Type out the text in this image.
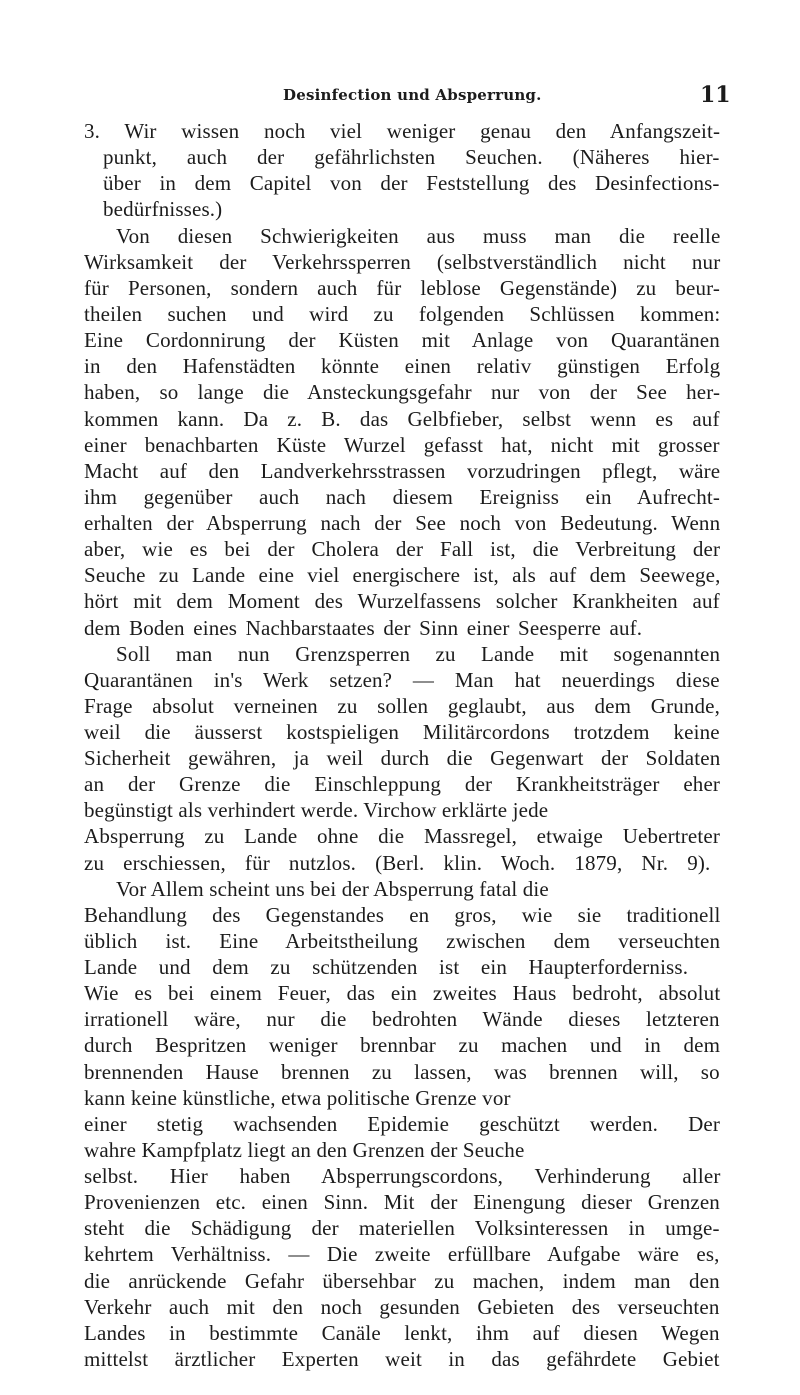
Desinfection und Absperrung.	11
3. Wir wissen noch viel weniger genau den Anfangszeit-
punkt, auch der gefährlichsten Seuchen. (Näheres hier-
über in dem Capitel von der Feststellung des Desinfections-
bedürfnisses.)
Von diesen Schwierigkeiten aus muss man die reelle
Wirksamkeit der Verkehrssperren (selbstverständlich nicht nur
für Personen, sondern auch für leblose Gegenstände) zu beur-
theilen suchen und wird zu folgenden Schlüssen kommen:
Eine Cordonnirung der Küsten mit Anlage von Quarantänen
in den Hafenstädten könnte einen relativ günstigen Erfolg
haben, so lange die Ansteckungsgefahr nur von der See her-
kommen kann. Da z. B. das Gelbfieber, selbst wenn es auf
einer benachbarten Küste Wurzel gefasst hat, nicht mit grosser
Macht auf den Landverkehrsstrassen vorzudringen pflegt, wäre
ihm gegenüber auch nach diesem Ereigniss ein Aufrecht-
erhalten der Absperrung nach der See noch von Bedeutung. Wenn
aber, wie es bei der Cholera der Fall ist, die Verbreitung der
Seuche zu Lande eine viel energischere ist, als auf dem Seewege,
hört mit dem Moment des Wurzelfassens solcher Krankheiten auf
dem Boden eines Nachbarstaates der Sinn einer Seesperre auf.
Soll man nun Grenzsperren zu Lande mit sogenannten
Quarantänen in's Werk setzen? — Man hat neuerdings diese
Frage absolut verneinen zu sollen geglaubt, aus dem Grunde,
weil die äusserst kostspieligen Militärcordons trotzdem keine
Sicherheit gewähren, ja weil durch die Gegenwart der Soldaten
an der Grenze die Einschleppung der Krankheitsträger eher
begünstigt als verhindert werde. Virchow erklärte jede
Absperrung zu Lande ohne die Massregel, etwaige Uebertreter
zu erschiessen, für nutzlos. (Berl. klin. Woch. 1879, Nr. 9).
Vor Allem scheint uns bei der Absperrung fatal die
Behandlung des Gegenstandes en gros, wie sie traditionell
üblich ist. Eine Arbeitstheilung zwischen dem verseuchten
Lande und dem zu schützenden ist ein Haupterforderniss.
Wie es bei einem Feuer, das ein zweites Haus bedroht, absolut
irrationell wäre, nur die bedrohten Wände dieses letzteren
durch Bespritzen weniger brennbar zu machen und in dem
brennenden Hause brennen zu lassen, was brennen will, so
kann keine künstliche, etwa politische Grenze vor
einer stetig wachsenden Epidemie geschützt werden. Der
wahre Kampfplatz liegt an den Grenzen der Seuche
selbst. Hier haben Absperrungscordons, Verhinderung aller
Provenienzen etc. einen Sinn. Mit der Einengung dieser Grenzen
steht die Schädigung der materiellen Volksinteressen in umge-
kehrtem Verhältniss. — Die zweite erfüllbare Aufgabe wäre es,
die anrückende Gefahr übersehbar zu machen, indem man den
Verkehr auch mit den noch gesunden Gebieten des verseuchten
Landes in bestimmte Canäle lenkt, ihm auf diesen Wegen
mittelst ärztlicher Experten weit in das gefährdete Gebiet
